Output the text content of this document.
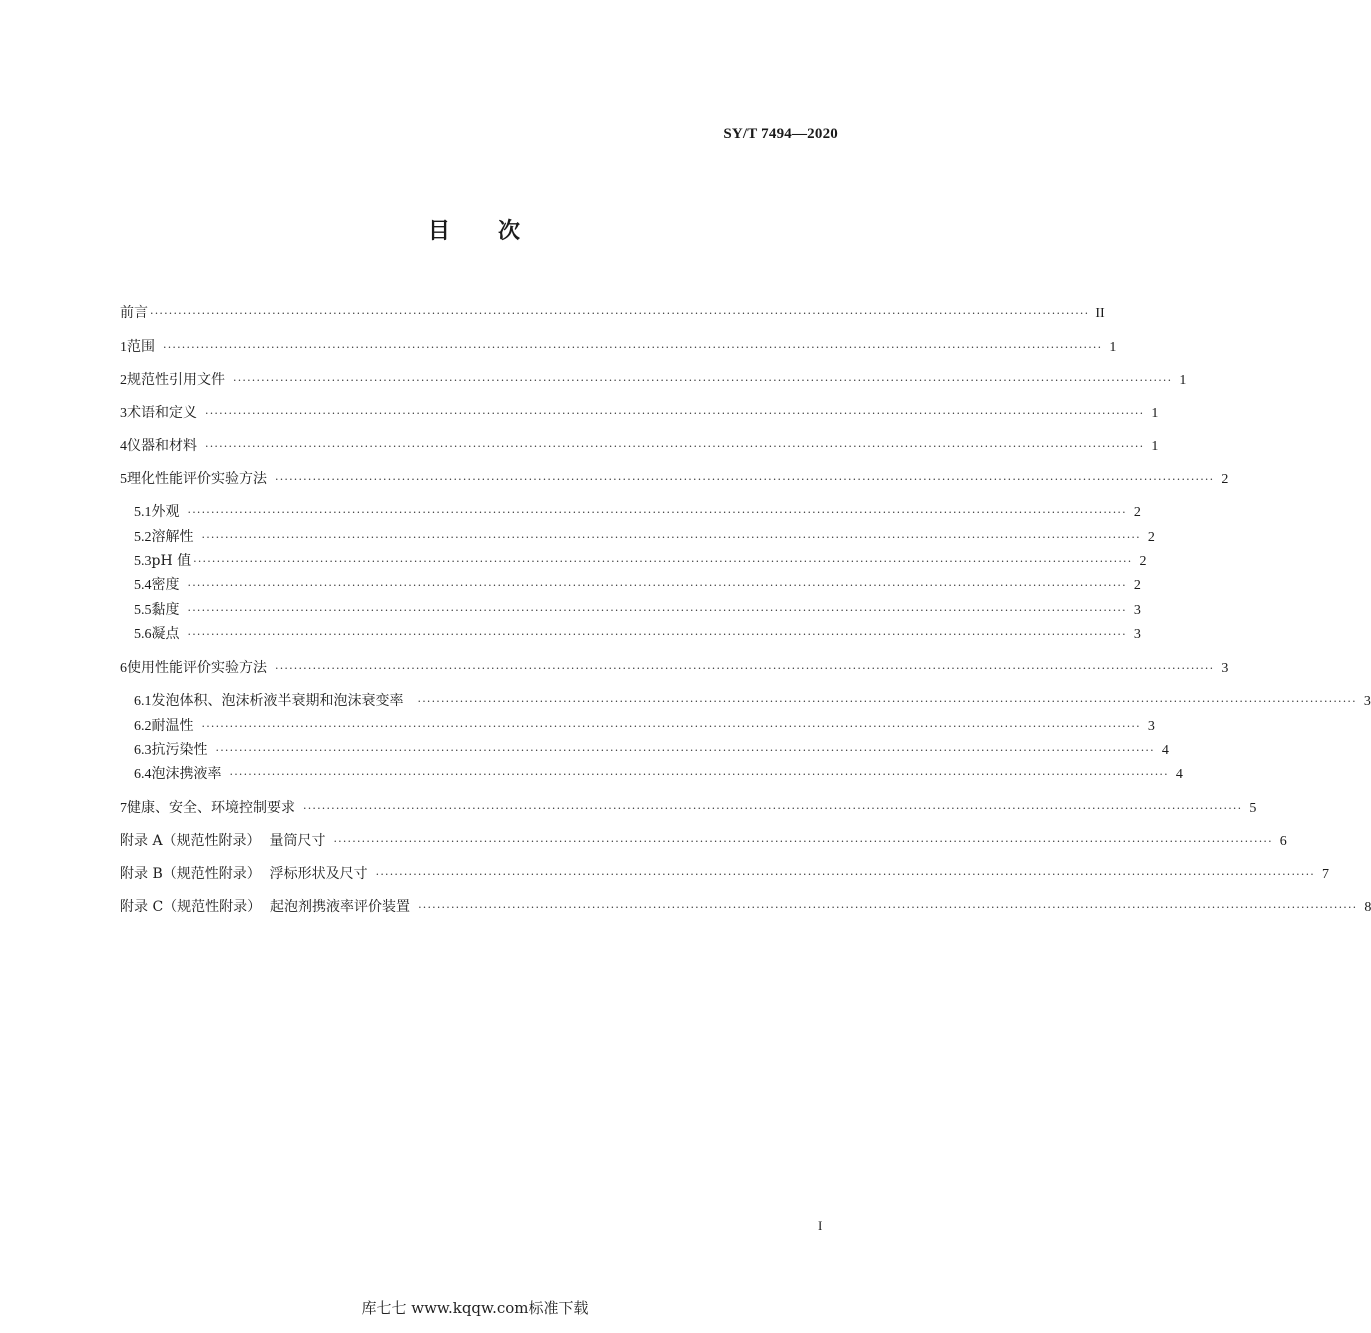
SY/T 7494—2020
目 次
前言 ········································································································································································································ II
1 范围 ········································································································································································································ 1
2 规范性引用文件 ········································································································································································································ 1
3 术语和定义 ········································································································································································································ 1
4 仪器和材料 ········································································································································································································ 1
5 理化性能评价实验方法 ········································································································································································································ 2
5.1 外观 ········································································································································································································ 2
5.2 溶解性 ········································································································································································································ 2
5.3 pH 值 ········································································································································································································ 2
5.4 密度 ········································································································································································································ 2
5.5 黏度 ········································································································································································································ 3
5.6 凝点 ········································································································································································································ 3
6 使用性能评价实验方法 ········································································································································································································ 3
6.1 发泡体积、泡沫析液半衰期和泡沫衰变率	········································································································································································································ 3
6.2 耐温性 ········································································································································································································ 3
6.3 抗污染性 ········································································································································································································ 4
6.4 泡沫携液率 ········································································································································································································ 4
7 健康、安全、环境控制要求 ········································································································································································································ 5
附录 A（规范性附录）  量筒尺寸 ········································································································································································································ 6
附录 B（规范性附录）  浮标形状及尺寸 ········································································································································································································ 7
附录 C（规范性附录）  起泡剂携液率评价装置 ········································································································································································································ 8
I
库七七 www.kqqw.com标准下载
